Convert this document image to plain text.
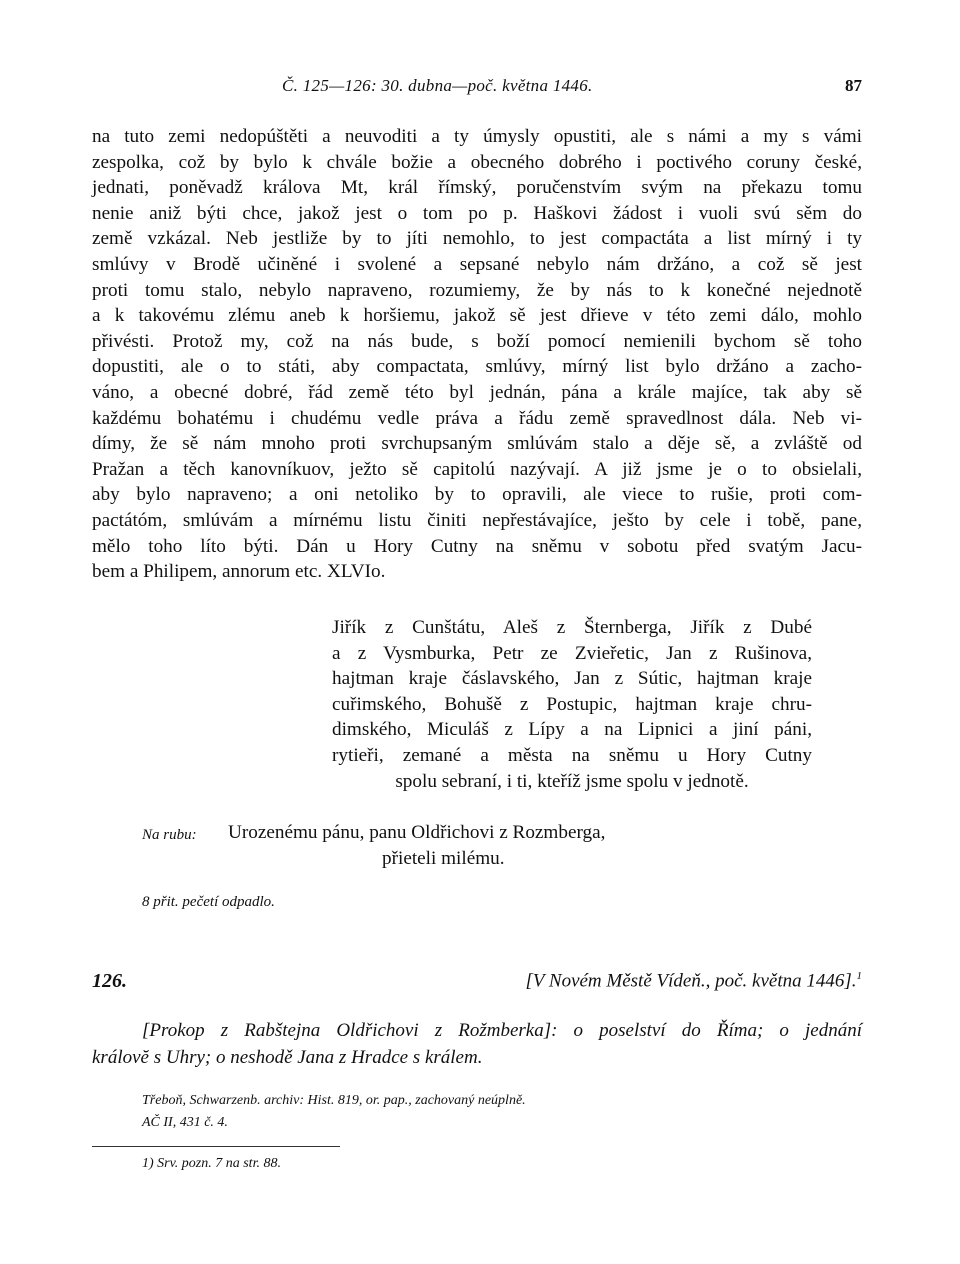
Č. 125—126: 30. dubna—poč. května 1446.	87
na tuto zemi nedopúštěti a neuvoditi a ty úmysly opustiti, ale s námi a my s vámi
zespolka, což by bylo k chvále božie a obecného dobrého i poctivého coruny české,
jednati, poněvadž králova Mt, král římský, poručenstvím svým na překazu tomu
nenie aniž býti chce, jakož jest o tom po p. Haškovi žádost i vuoli svú sěm do
země vzkázal. Neb jestliže by to jíti nemohlo, to jest compactáta a list mírný i ty
smlúvy v Brodě učiněné i svolené a sepsané nebylo nám držáno, a což sě jest
proti tomu stalo, nebylo napraveno, rozumiemy, že by nás to k konečné nejednotě
a k takovému zlému aneb k horšiemu, jakož sě jest dřieve v této zemi dálo, mohlo
přivésti. Protož my, což na nás bude, s boží pomocí nemienili bychom sě toho
dopustiti, ale o to státi, aby compactata, smlúvy, mírný list bylo držáno a zacho-
váno, a obecné dobré, řád země této byl jednán, pána a krále majíce, tak aby sě
každému bohatému i chudému vedle práva a řádu země spravedlnost dála. Neb vi-
dímy, že sě nám mnoho proti svrchupsaným smlúvám stalo a děje sě, a zvláště od
Pražan a těch kanovníkuov, ježto sě capitolú nazývají. A již jsme je o to obsielali,
aby bylo napraveno; a oni netoliko by to opravili, ale viece to rušie, proti com-
pactátóm, smlúvám a mírnému listu činiti nepřestávajíce, ješto by cele i tobě, pane,
mělo toho líto býti. Dán u Hory Cutny na sněmu v sobotu před svatým Jacu-
bem a Philipem, annorum etc. XLVIo.
Jiřík z Cunštátu, Aleš z Šternberga, Jiřík z Dubé
a z Vysmburka, Petr ze Zvieřetic, Jan z Rušinova,
hajtman kraje čáslavského, Jan z Sútic, hajtman kraje
cuřimského, Bohušě z Postupic, hajtman kraje chru-
dimského, Miculáš z Lípy a na Lipnici a jiní páni,
rytieři, zemané a města na sněmu u Hory Cutny
spolu sebraní, i ti, kteříž jsme spolu v jednotě.
Na rubu: Urozenému pánu, panu Oldřichovi z Rozmberga,
přieteli milému.
8 přit. pečetí odpadlo.
126.	[V Novém Městě Vídeň., poč. května 1446].$^1$
[Prokop z Rabštejna Oldřichovi z Rožmberka]: o poselství do Říma; o jednání
královĕ s Uhry; o neshodě Jana z Hradce s králem.
Třeboň, Schwarzenb. archiv: Hist. 819, or. pap., zachovaný neúplně.
AČ II, 431 č. 4.
1) Srv. pozn. 7 na str. 88.
